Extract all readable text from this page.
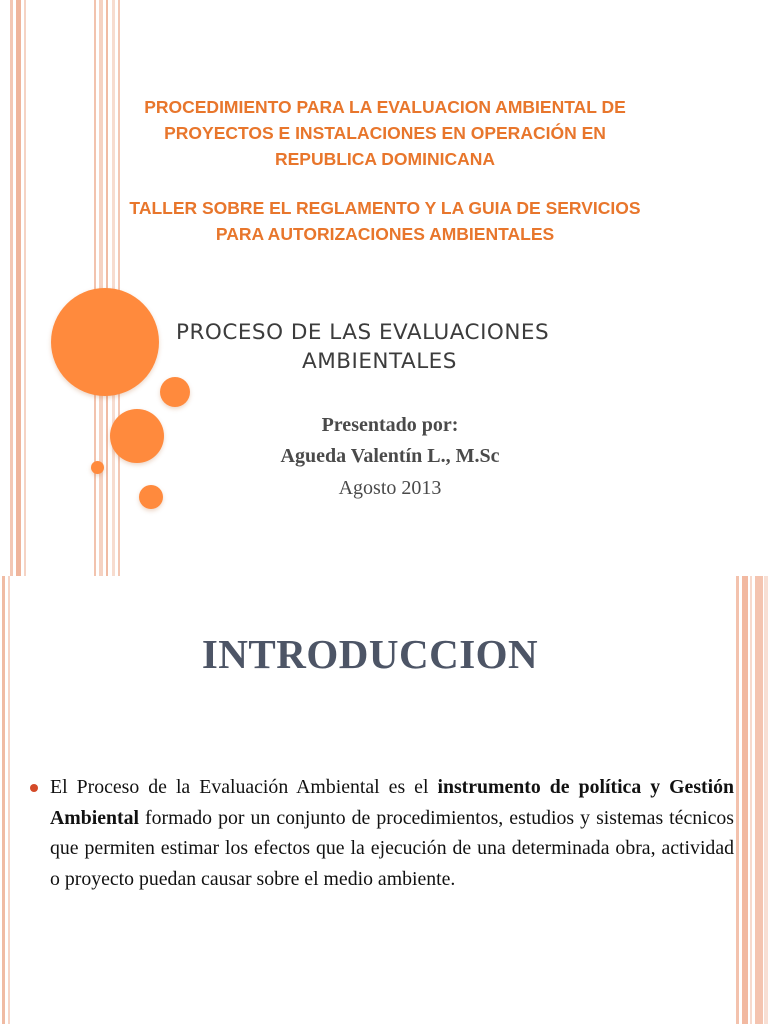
PROCEDIMIENTO PARA LA EVALUACION AMBIENTAL DE
PROYECTOS E INSTALACIONES EN OPERACIÓN EN
REPUBLICA DOMINICANA
TALLER SOBRE EL REGLAMENTO Y LA GUIA DE SERVICIOS
PARA AUTORIZACIONES AMBIENTALES
PROCESO DE LAS EVALUACIONES
AMBIENTALES
Presentado por:
Agueda Valentín L., M.Sc
Agosto 2013
INTRODUCCION

El Proceso de la Evaluación Ambiental es el instrumento de política y Gestión Ambiental formado por un conjunto de procedimientos, estudios y sistemas técnicos que permiten estimar los efectos que la ejecución de una determinada obra, actividad o proyecto puedan causar sobre el medio ambiente.
